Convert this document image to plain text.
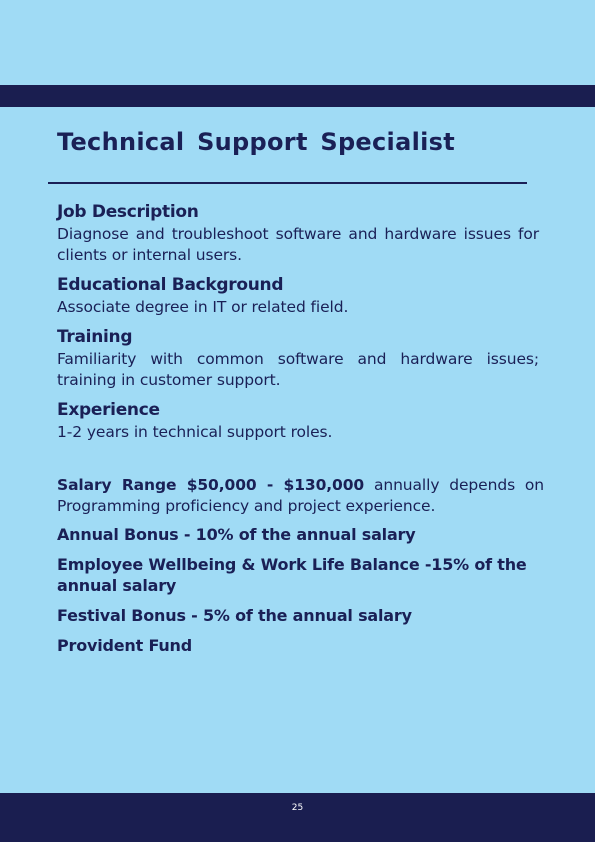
Technical Support Specialist
Job Description

Diagnose and troubleshoot software and hardware issues for clients or internal users.

Educational Background

Associate degree in IT or related field.

Training

Familiarity with common software and hardware issues; training in customer support.

Experience

1-2 years in technical support roles.

Salary Range $50,000 - $130,000 annually depends on Programming proficiency and project experience.

Annual Bonus - 10% of the annual salary

Employee Wellbeing & Work Life Balance -15% of the annual salary

Festival Bonus - 5% of the annual salary

Provident Fund

25
